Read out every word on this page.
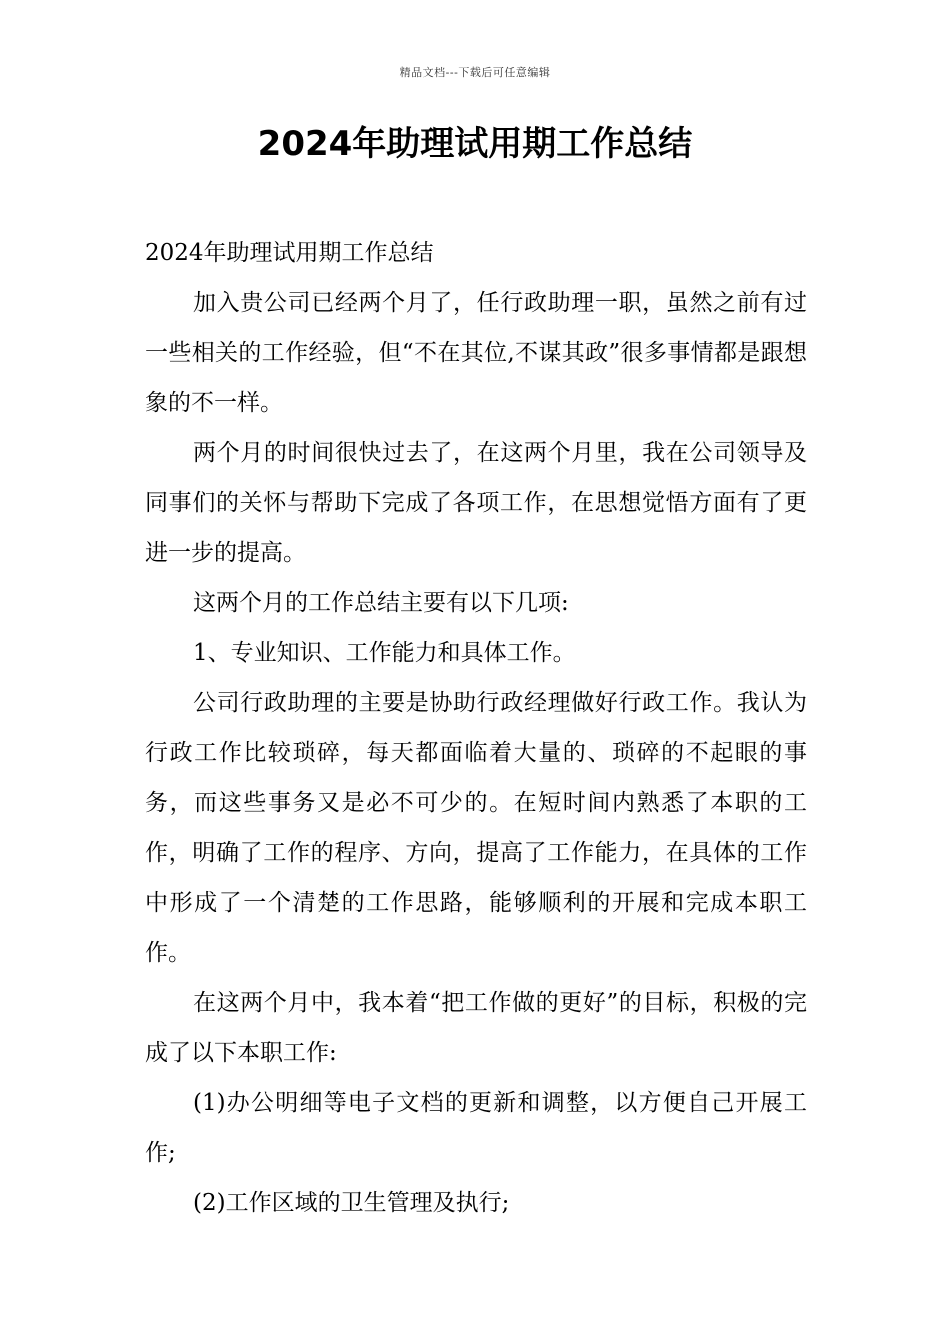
精品文档---下载后可任意编辑
2024年助理试用期工作总结

2024年助理试用期工作总结

加入贵公司已经两个月了，任行政助理一职，虽然之前有过一些相关的工作经验，但“不在其位,不谋其政”很多事情都是跟想象的不一样。

两个月的时间很快过去了，在这两个月里，我在公司领导及同事们的关怀与帮助下完成了各项工作，在思想觉悟方面有了更进一步的提高。

这两个月的工作总结主要有以下几项:

1、专业知识、工作能力和具体工作。

公司行政助理的主要是协助行政经理做好行政工作。我认为行政工作比较琐碎，每天都面临着大量的、琐碎的不起眼的事务，而这些事务又是必不可少的。在短时间内熟悉了本职的工作，明确了工作的程序、方向，提高了工作能力，在具体的工作中形成了一个清楚的工作思路，能够顺利的开展和完成本职工作。

在这两个月中，我本着“把工作做的更好”的目标，积极的完成了以下本职工作:

(1)办公明细等电子文档的更新和调整，以方便自己开展工作;

(2)工作区域的卫生管理及执行;
